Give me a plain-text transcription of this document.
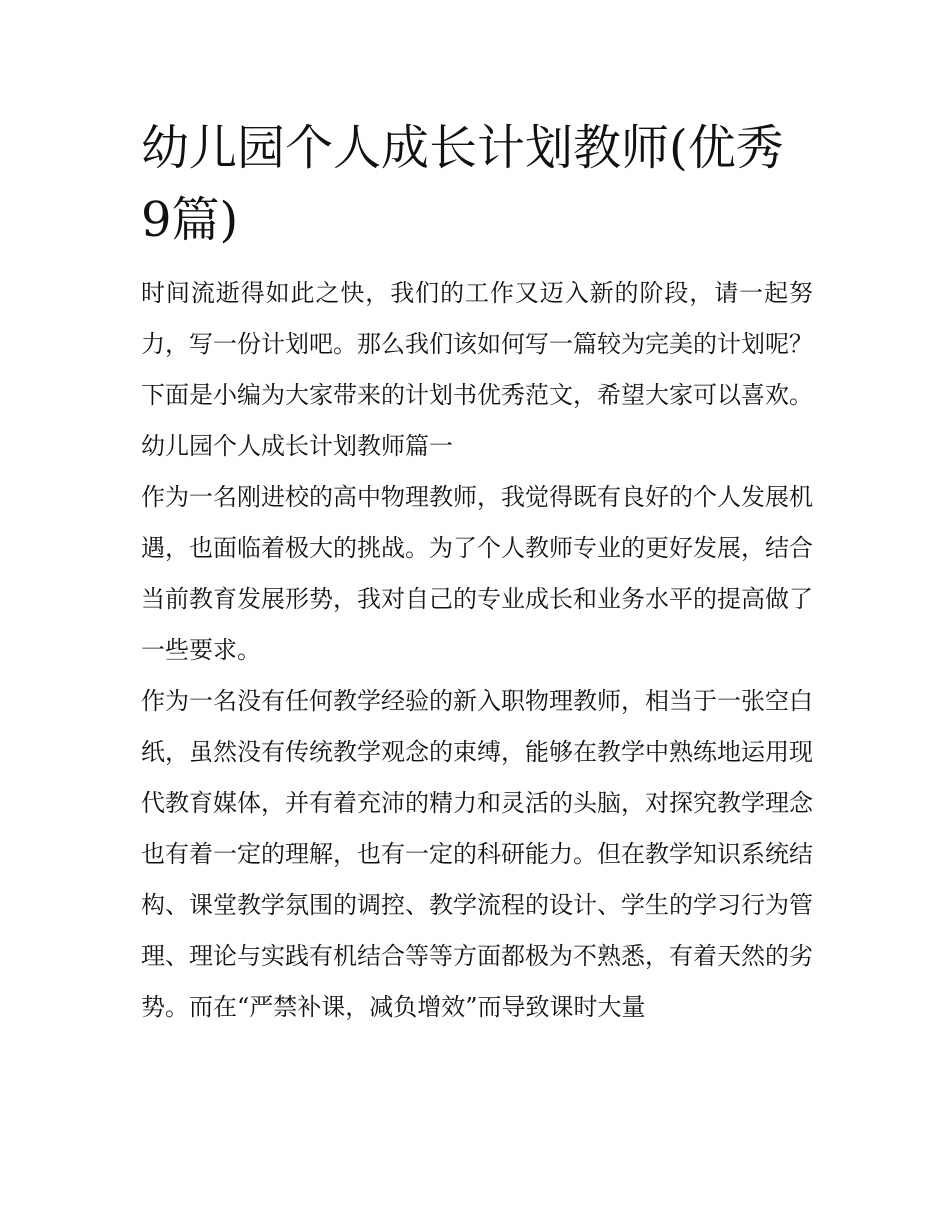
幼儿园个人成长计划教师(优秀9篇)

时间流逝得如此之快，我们的工作又迈入新的阶段，请一起努力，写一份计划吧。那么我们该如何写一篇较为完美的计划呢？下面是小编为大家带来的计划书优秀范文，希望大家可以喜欢。

幼儿园个人成长计划教师篇一

作为一名刚进校的高中物理教师，我觉得既有良好的个人发展机遇，也面临着极大的挑战。为了个人教师专业的更好发展，结合当前教育发展形势，我对自己的专业成长和业务水平的提高做了一些要求。

作为一名没有任何教学经验的新入职物理教师，相当于一张空白纸，虽然没有传统教学观念的束缚，能够在教学中熟练地运用现代教育媒体，并有着充沛的精力和灵活的头脑，对探究教学理念也有着一定的理解，也有一定的科研能力。但在教学知识系统结构、课堂教学氛围的调控、教学流程的设计、学生的学习行为管理、理论与实践有机结合等等方面都极为不熟悉，有着天然的劣势。而在“严禁补课，减负增效”而导致课时大量
